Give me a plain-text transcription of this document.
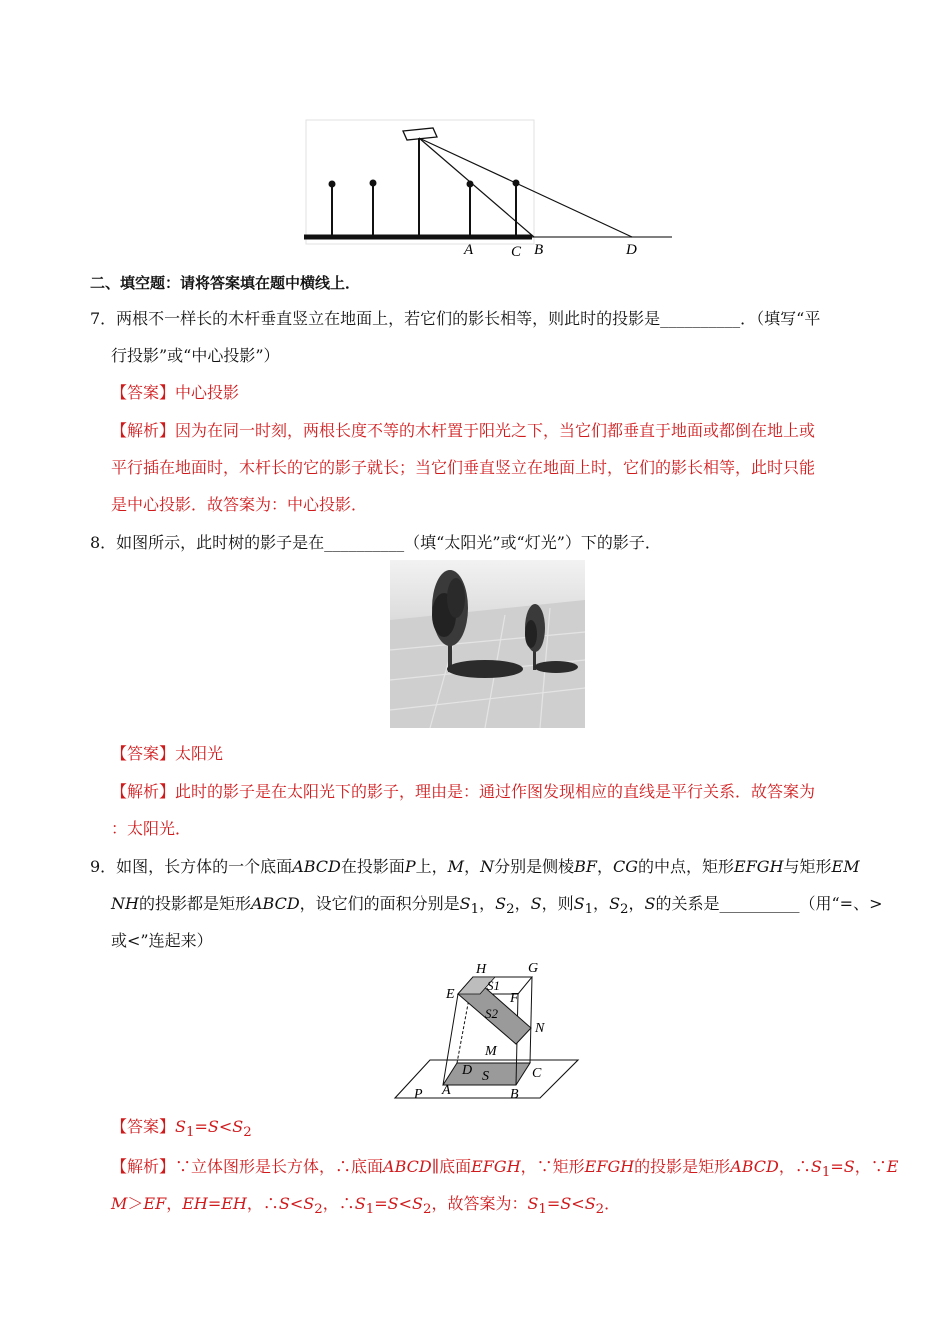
A	C B	D
二、填空题：请将答案填在题中横线上．
7．两根不一样长的木杆垂直竖立在地面上，若它们的影长相等，则此时的投影是__________．（填写“平
行投影”或“中心投影”）
【答案】中心投影
【解析】因为在同一时刻，两根长度不等的木杆置于阳光之下，当它们都垂直于地面或都倒在地上或
平行插在地面时，木杆长的它的影子就长；当它们垂直竖立在地面上时，它们的影长相等，此时只能
是中心投影．故答案为：中心投影．
8．如图所示，此时树的影子是在__________（填“太阳光”或“灯光”）下的影子．
【答案】太阳光
【解析】此时的影子是在太阳光下的影子，理由是：通过作图发现相应的直线是平行关系．故答案为
：太阳光．
9．如图，长方体的一个底面ABCD在投影面P上，M，N分别是侧棱BF，CG的中点，矩形EFGH与矩形EM
NH的投影都是矩形ABCD，设它们的面积分别是$S_1$，$S_2$，S，则$S_1$，$S_2$，S的关系是__________（用“=、>
或<”连起来）
H	G
E
S1
F
S2
N
M
D	C
S
A	B
P
【答案】$S_1=S<S_2$
【解析】∵立体图形是长方体，∴底面ABCD∥底面EFGH，∵矩形EFGH的投影是矩形ABCD，$\therefore S_1=S$，∵E
M＞EF，EH=EH，$\therefore S<S_2$，$\therefore S_1=S<S_2$，故答案为：$S_1=S<S_2$．
